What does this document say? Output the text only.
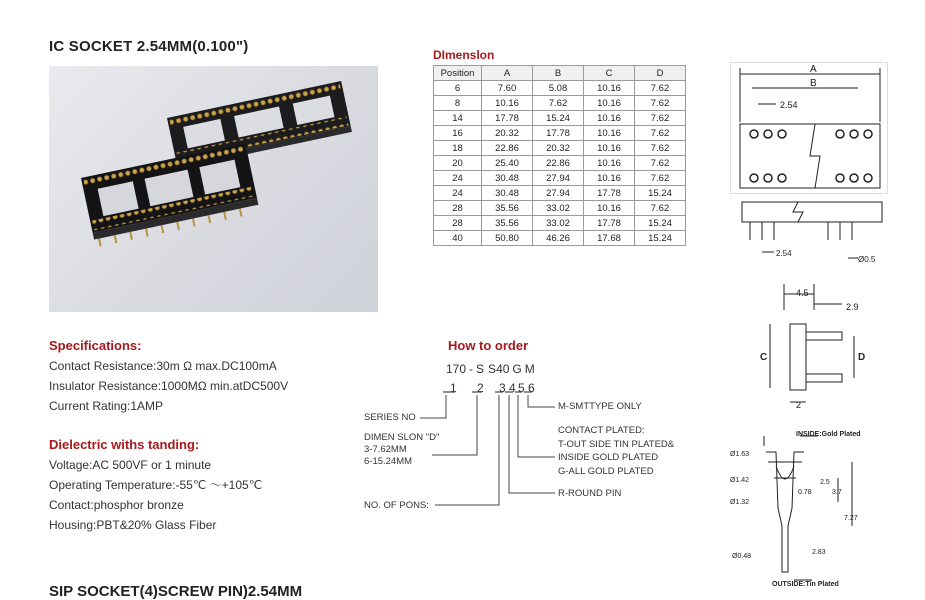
IC SOCKET 2.54MM(0.100")
Specifications:
Contact Resistance:30m Ω max.DC100mA
Insulator Resistance:1000MΩ min.atDC500V
Current Rating:1AMP
Dielectric withs tanding:
Voltage:AC 500VF or 1 minute
Operating Temperature:-55℃ ～+105℃
Contact:phosphor bronze
Housing:PBT&20% Glass Fiber
DImenslon
Position	A	B	C	D
6	7.60	5.08	10.16	7.62
8	10.16	7.62	10.16	7.62
14	17.78	15.24	10.16	7.62
16	20.32	17.78	10.16	7.62
18	22.86	20.32	10.16	7.62
20	25.40	22.86	10.16	7.62
24	30.48	27.94	10.16	7.62
24	30.48	27.94	17.78	15.24
28	35.56	33.02	10.16	7.62
28	35.56	33.02	17.78	15.24
40	50.80	46.26	17.68	15.24
How to order
170 - S S40 G M
1 2 3 4 5 6
SERIES NO
DIMEN SLON "D"
3-7.62MM
6-15.24MM
NO. OF PONS:
M-SMTTYPE ONLY
CONTACT PLATED:
T-OUT SIDE TIN PLATED&
INSIDE GOLD PLATED
G-ALL GOLD PLATED
R-ROUND PIN
A
B
2.54
2.54
Ø0.5
4.5
2.9
C	D
2
INSIDE:Gold Plated
Ø1.63
Ø1.42
Ø1.32
Ø0.48
0.78
2.5
3.7
7.27
2.83
OUTSIDE:Tin Plated
SIP SOCKET(4)SCREW PIN)2.54MM
